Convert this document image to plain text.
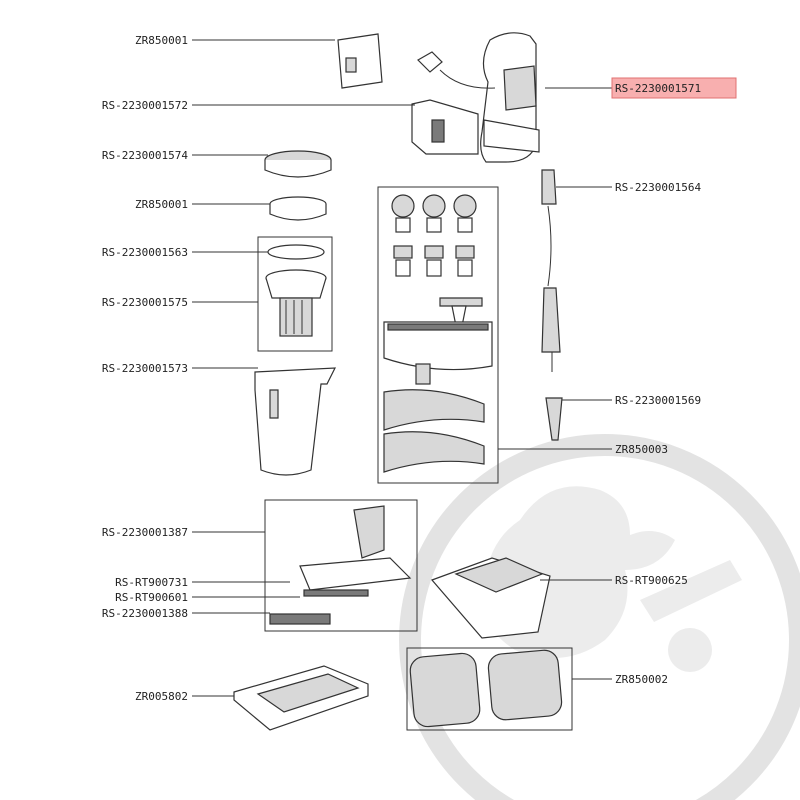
ZR850001
RS-2230001572
RS-2230001574
ZR850001
RS-2230001563
RS-2230001575
RS-2230001573
RS-2230001387
RS-RT900731
RS-RT900601
RS-2230001388
ZR005802
RS-2230001571
RS-2230001564
RS-2230001569
ZR850003
RS-RT900625
ZR850002
